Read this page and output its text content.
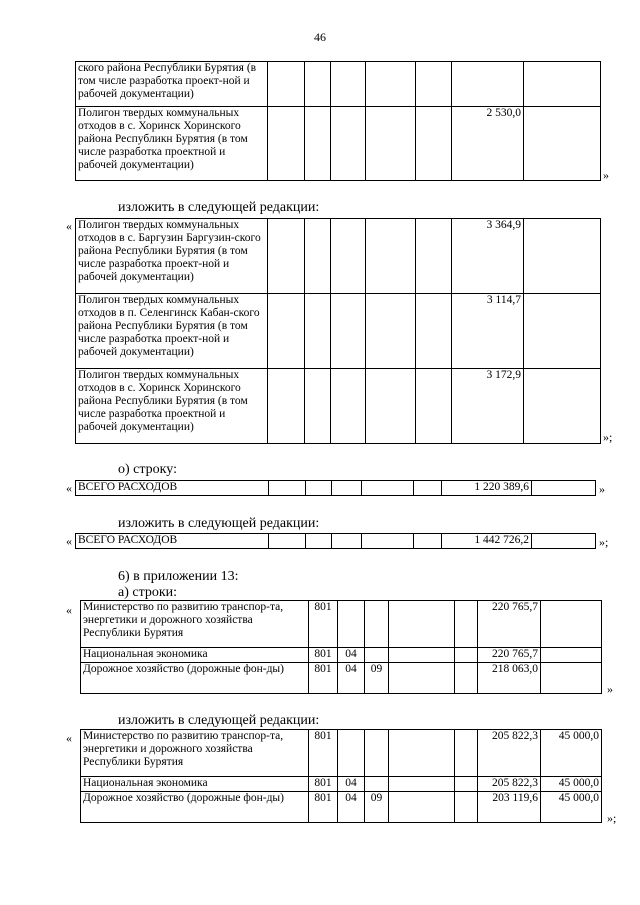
46
ского района Республики Бурятия (в том числе разработка проект-ной и рабочей документации)							
Полигон твердых коммунальных отходов в с. Хоринск Хоринского района Республикн Бурятия (в том числе разработка проектной и рабочей документации)						2 530,0	
»
изложить в следующей редакции:
« Полигон твердых коммунальных отходов в с. Баргузин Баргузин-ского района Республики Бурятия (в том числе разработка проект-ной и рабочей документации)						3 364,9	
Полигон твердых коммунальных отходов в п. Селенгинск Кабан-ского района Республики Бурятия (в том числе разработка проект-ной и рабочей документации)						3 114,7	
Полигон твердых коммунальных отходов в с. Хоринск Хоринского района Республики Бурятия (в том числе разработка проектной и рабочей документации)						3 172,9	
»;
о) строку:
« ВСЕГО РАСХОДОВ						1 220 389,6		»
изложить в следующей редакции:
« ВСЕГО РАСХОДОВ						1 442 726,2		»;
6) в приложении 13:
а) строки:
« Министерство по развитию транспор-та, энергетики и дорожного хозяйства Республики Бурятия	801					220 765,7	
Национальная экономика	801	04				220 765,7	
Дорожное хозяйство (дорожные фон-ды)	801	04	09			218 063,0	
»
изложить в следующей редакции:
« Министерство по развитию транспор-та, энергетики и дорожного хозяйства Республики Бурятия	801					205 822,3	45 000,0
Национальная экономика	801	04				205 822,3	45 000,0
Дорожное хозяйство (дорожные фон-ды)	801	04	09			203 119,6	45 000,0
»;
